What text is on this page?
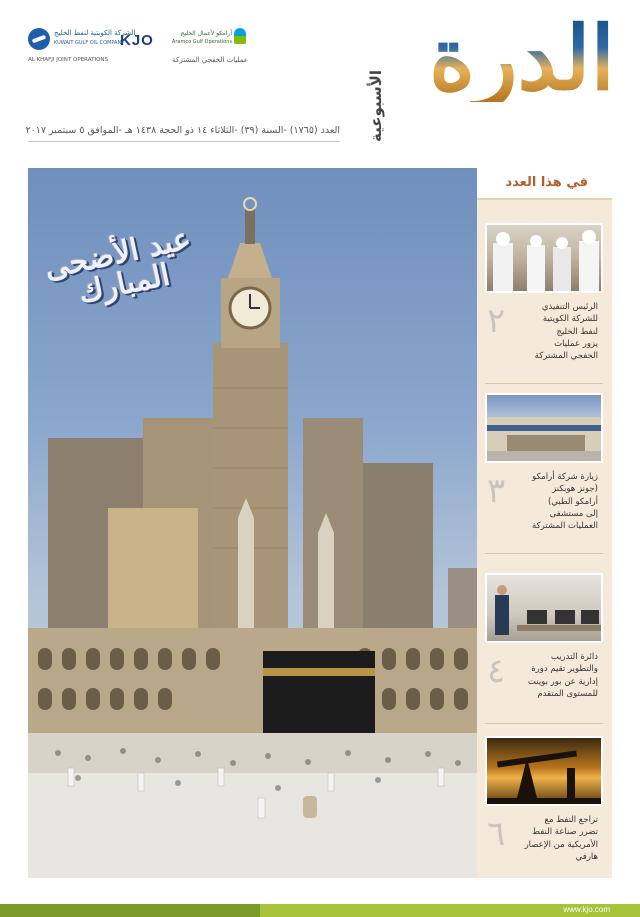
الشركة الكويتية لنفط الخليج
KUWAIT GULF OIL COMPANY
KJO	أرامكو لأعمال الخليج
Aramco Gulf Operations
AL KHAFJI JOINT OPERATIONS	عمليات الخفجي المشتركة الدرة
الأسبوعية
العدد (١٧٦٥) -السنة (٣٩) -الثلاثاء ١٤ ذو الحجة ١٤٣٨ هـ -الموافق ٥ سبتمبر ٢٠١٧
عيد الأضحى المبارك
في هذا العدد
٢	الرئيس التنفيذي
للشركة الكويتية
لنفط الخليج
يزور عمليات
الخفجي المشتركة
٣	زيارة شركة أرامكو
(جونز هوبكنز
أرامكو الطبي)
إلى مستشفى
العمليات المشتركة
٤	دائرة التدريب
والتطوير تقيم دورة
إدارية عن بور بوينت
للمستوى المتقدم
٦	تراجع النفط مع
تضرر صناعة النفط
الأمريكية من الإعصار
هارفي
www.kjo.com
